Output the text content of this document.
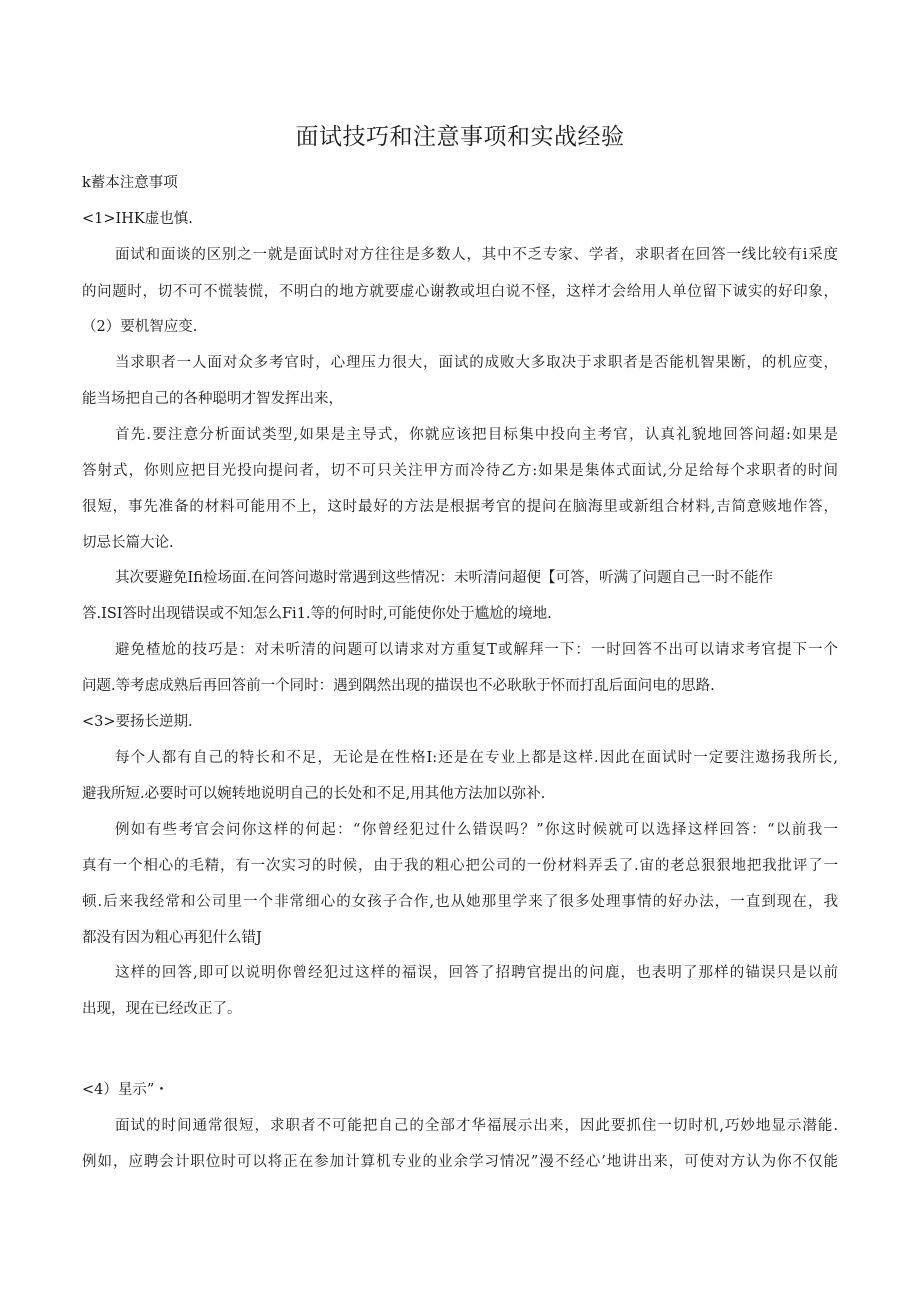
面试技巧和注意事项和实战经验
k蓄本注意事项
<1>IHK虚也慎.
面试和面谈的区别之一就是面试时对方往往是多数人，其中不乏专家、学者，求职者在回答一线比较有i采度
的问题时，切不可不慌装慌，不明白的地方就要虚心谢教或坦白说不怪，这样才会给用人单位留下诚实的好印象，
（2）要机智应变.
当求职者一人面对众多考官时，心理压力很大，面试的成败大多取决于求职者是否能机智果断，的机应变，
能当场把自己的各种聪明才智发挥出来，
首先.要注意分析面试类型,如果是主导式，你就应该把目标集中投向主考官，认真礼貌地回答问超:如果是
答射式，你则应把目光投向提问者，切不可只关注甲方而冷待乙方:如果是集体式面试,分足给每个求职者的时间
很短，事先准备的材料可能用不上，这时最好的方法是根据考官的提问在脑海里或新组合材料,吉简意赅地作答，
切忌长篇大论.
其次要避免Ifi检场面.在问答问遨时常遇到这些情况：未听清问超便【可答，听满了问题自己一时不能作
答.ISI答时出现错误或不知怎么Fi1.等的何时时,可能使你处于尴尬的境地.
避免楂尬的技巧是：对未听清的问题可以请求对方重复T或解拜一下：一时回答不出可以请求考官提下一个
问题.等考虑成熟后再回答前一个同时：遇到隅然出现的描误也不必耿耿于怀而打乱后面问电的思路.
<3>要扬长逆期.
每个人都有自己的特长和不足，无论是在性格I:还是在专业上都是这样.因此在面试时一定要注遨扬我所长,
避我所短.必要时可以婉转地说明自己的长处和不足,用其他方法加以弥补.
例如有些考官会问你这样的何起：“你曾经犯过什么错误吗？”你这时候就可以选择这样回答：“以前我一
真有一个相心的毛精，有一次实习的时候，由于我的粗心把公司的一份材料弄丢了.宙的老总狠狠地把我批评了一
顿.后来我经常和公司里一个非常细心的女孩子合作,也从她那里学来了很多处理事情的好办法，一直到现在，我
都没有因为粗心再犯什么错J
这样的回答,即可以说明你曾经犯过这样的福误，回答了招聘官提出的问鹿，也表明了那样的锚误只是以前
出现，现在已经改正了。
<4）星示”・
面试的时间通常很短，求职者不可能把自己的全部才华福展示出来，因此要抓住一切时机,巧妙地显示潜能.
例如，应聘会计职位时可以将正在参加计算机专业的业余学习情况”漫不经心’地讲出来，可使对方认为你不仅能
